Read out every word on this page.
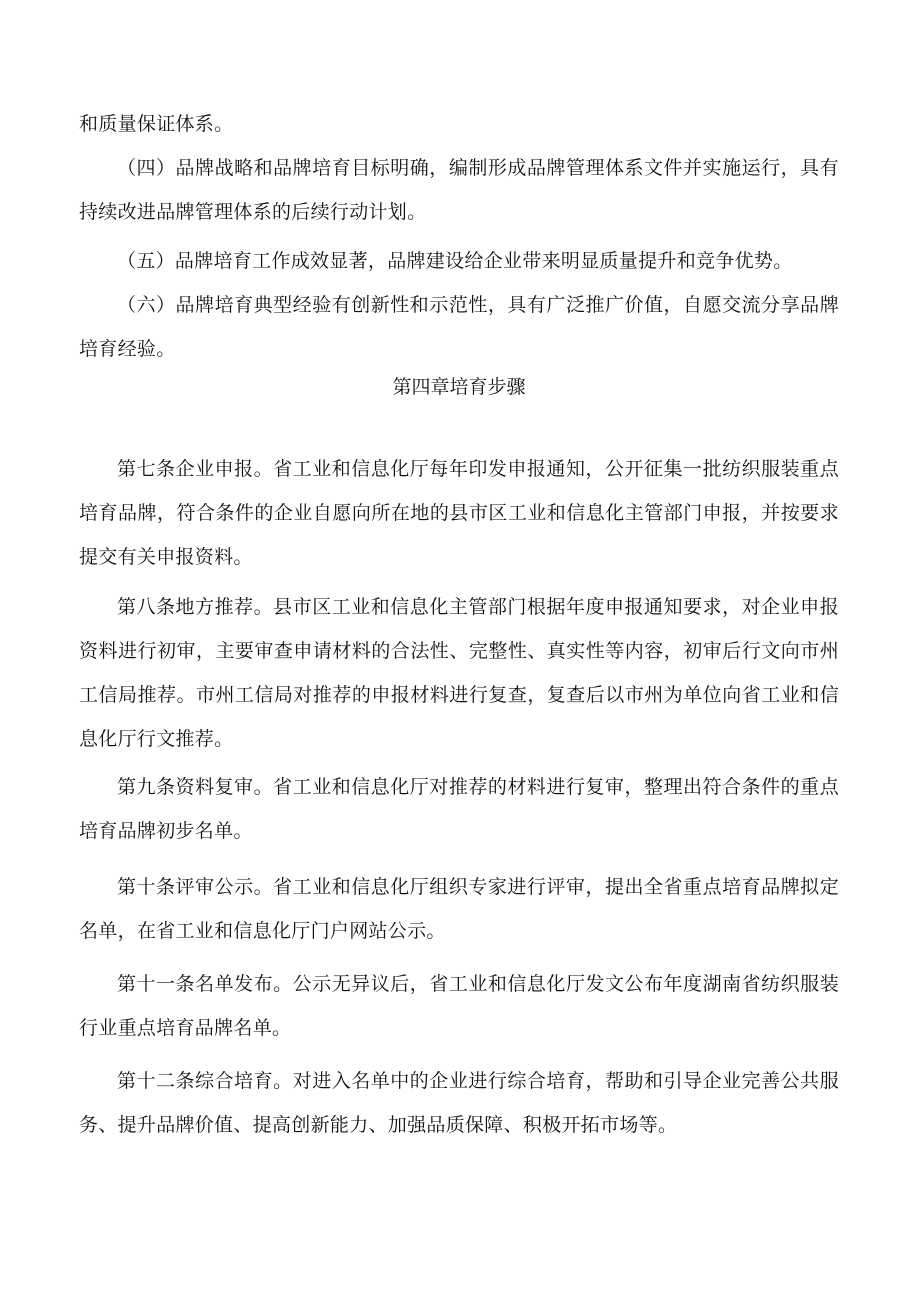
和质量保证体系。

（四）品牌战略和品牌培育目标明确，编制形成品牌管理体系文件并实施运行，具有持续改进品牌管理体系的后续行动计划。

（五）品牌培育工作成效显著，品牌建设给企业带来明显质量提升和竞争优势。

（六）品牌培育典型经验有创新性和示范性，具有广泛推广价值，自愿交流分享品牌培育经验。

第四章培育步骤

第七条企业申报。省工业和信息化厅每年印发申报通知，公开征集一批纺织服装重点培育品牌，符合条件的企业自愿向所在地的县市区工业和信息化主管部门申报，并按要求提交有关申报资料。

第八条地方推荐。县市区工业和信息化主管部门根据年度申报通知要求，对企业申报资料进行初审，主要审查申请材料的合法性、完整性、真实性等内容，初审后行文向市州工信局推荐。市州工信局对推荐的申报材料进行复查，复查后以市州为单位向省工业和信息化厅行文推荐。

第九条资料复审。省工业和信息化厅对推荐的材料进行复审，整理出符合条件的重点培育品牌初步名单。

第十条评审公示。省工业和信息化厅组织专家进行评审，提出全省重点培育品牌拟定名单，在省工业和信息化厅门户网站公示。

第十一条名单发布。公示无异议后，省工业和信息化厅发文公布年度湖南省纺织服装行业重点培育品牌名单。

第十二条综合培育。对进入名单中的企业进行综合培育，帮助和引导企业完善公共服务、提升品牌价值、提高创新能力、加强品质保障、积极开拓市场等。
